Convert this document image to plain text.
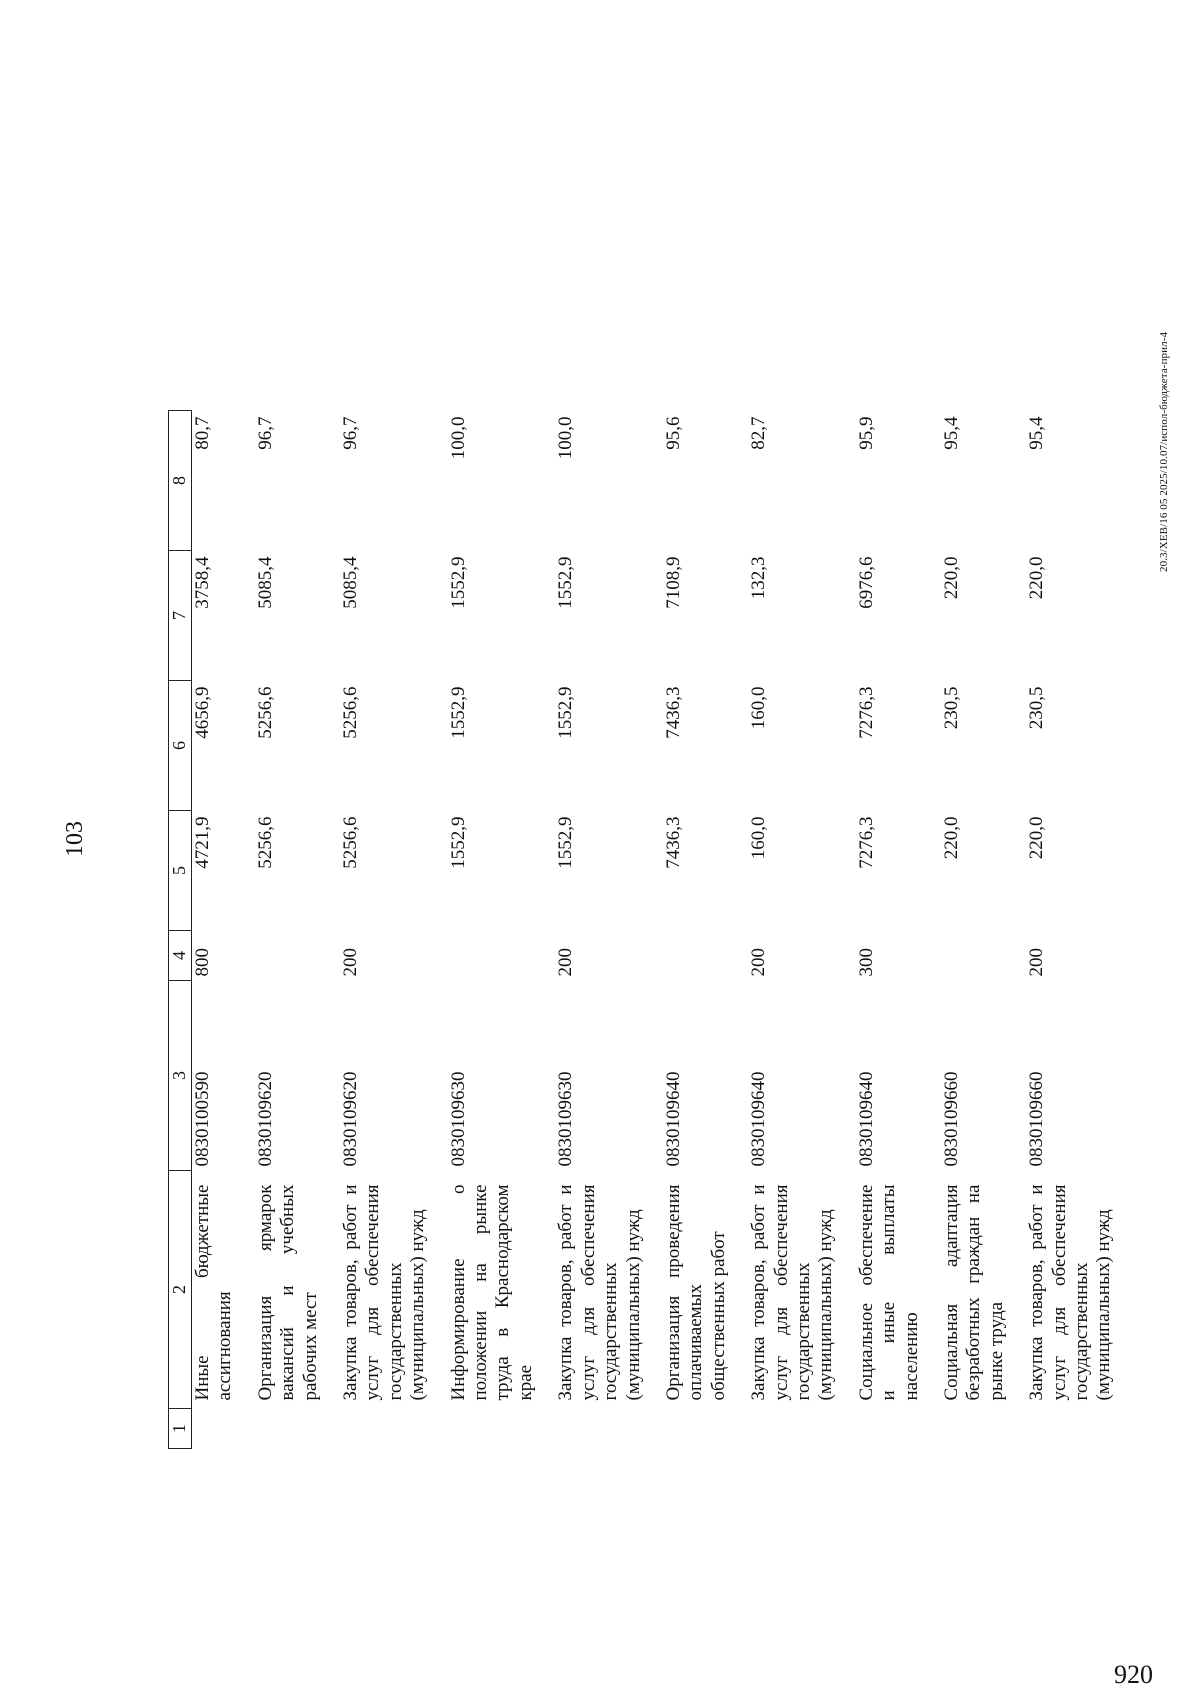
103
1	2	3	4	5	6	7	8
	Иные бюджетные ассигнования	0830100590	800	4721,9	4656,9	3758,4	80,7
	Организация ярмарок вакансий и учебных рабочих мест	0830109620		5256,6	5256,6	5085,4	96,7
	Закупка товаров, работ и услуг для обеспечения государственных (муниципальных) нужд	0830109620	200	5256,6	5256,6	5085,4	96,7
	Информирование о положении на рынке труда в Краснодарском крае	0830109630		1552,9	1552,9	1552,9	100,0
	Закупка товаров, работ и услуг для обеспечения государственных (муниципальных) нужд	0830109630	200	1552,9	1552,9	1552,9	100,0
	Организация проведения оплачиваемых общественных работ	0830109640		7436,3	7436,3	7108,9	95,6
	Закупка товаров, работ и услуг для обеспечения государственных (муниципальных) нужд	0830109640	200	160,0	160,0	132,3	82,7
	Социальное обеспечение и иные выплаты населению	0830109640	300	7276,3	7276,3	6976,6	95,9
	Социальная адаптация безработных граждан на рынке труда	0830109660		220,0	230,5	220,0	95,4
	Закупка товаров, работ и услуг для обеспечения государственных (муниципальных) нужд	0830109660	200	220,0	230,5	220,0	95,4	20.3/XEB/16 05 2025/10.07/испол-бюджета-прил-4
920
